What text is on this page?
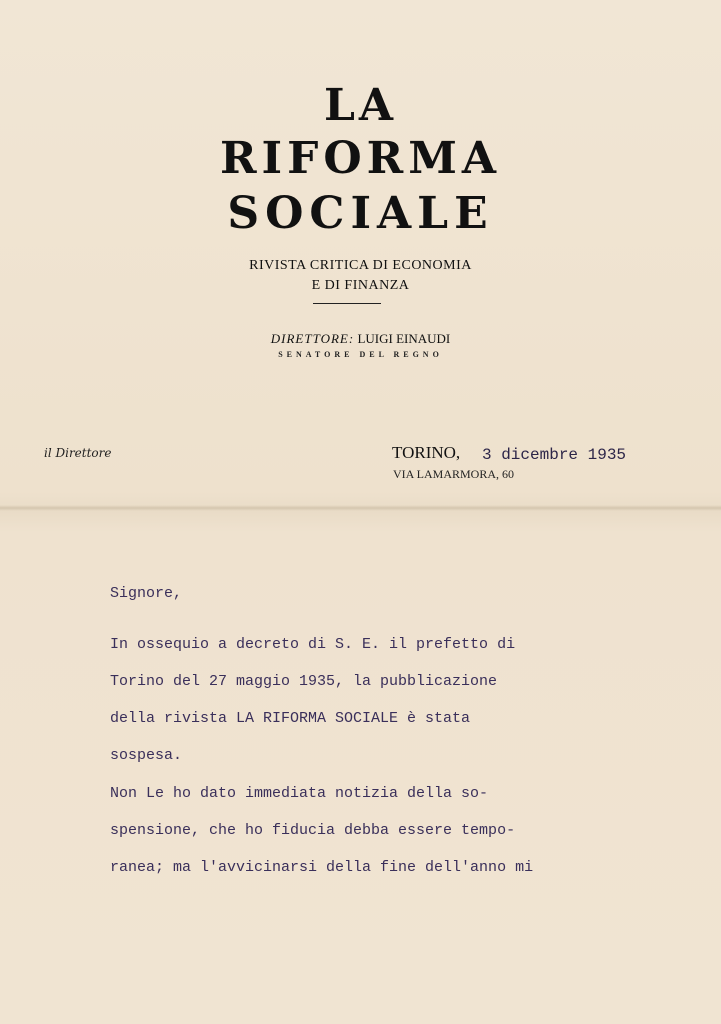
LA
RIFORMA
SOCIALE
RIVISTA CRITICA DI ECONOMIA
E DI FINANZA
DIRETTORE: LUIGI EINAUDI
SENATORE DEL REGNO
il Direttore	TORINO, 3 dicembre 1935
VIA LAMARMORA, 60
Signore,
In ossequio a decreto di S. E. il prefetto di
Torino del 27 maggio 1935, la pubblicazione
della rivista LA RIFORMA SOCIALE è stata
sospesa.
Non Le ho dato immediata notizia della so-
spensione, che ho fiducia debba essere tempo-
ranea; ma l'avvicinarsi della fine dell'anno mi
